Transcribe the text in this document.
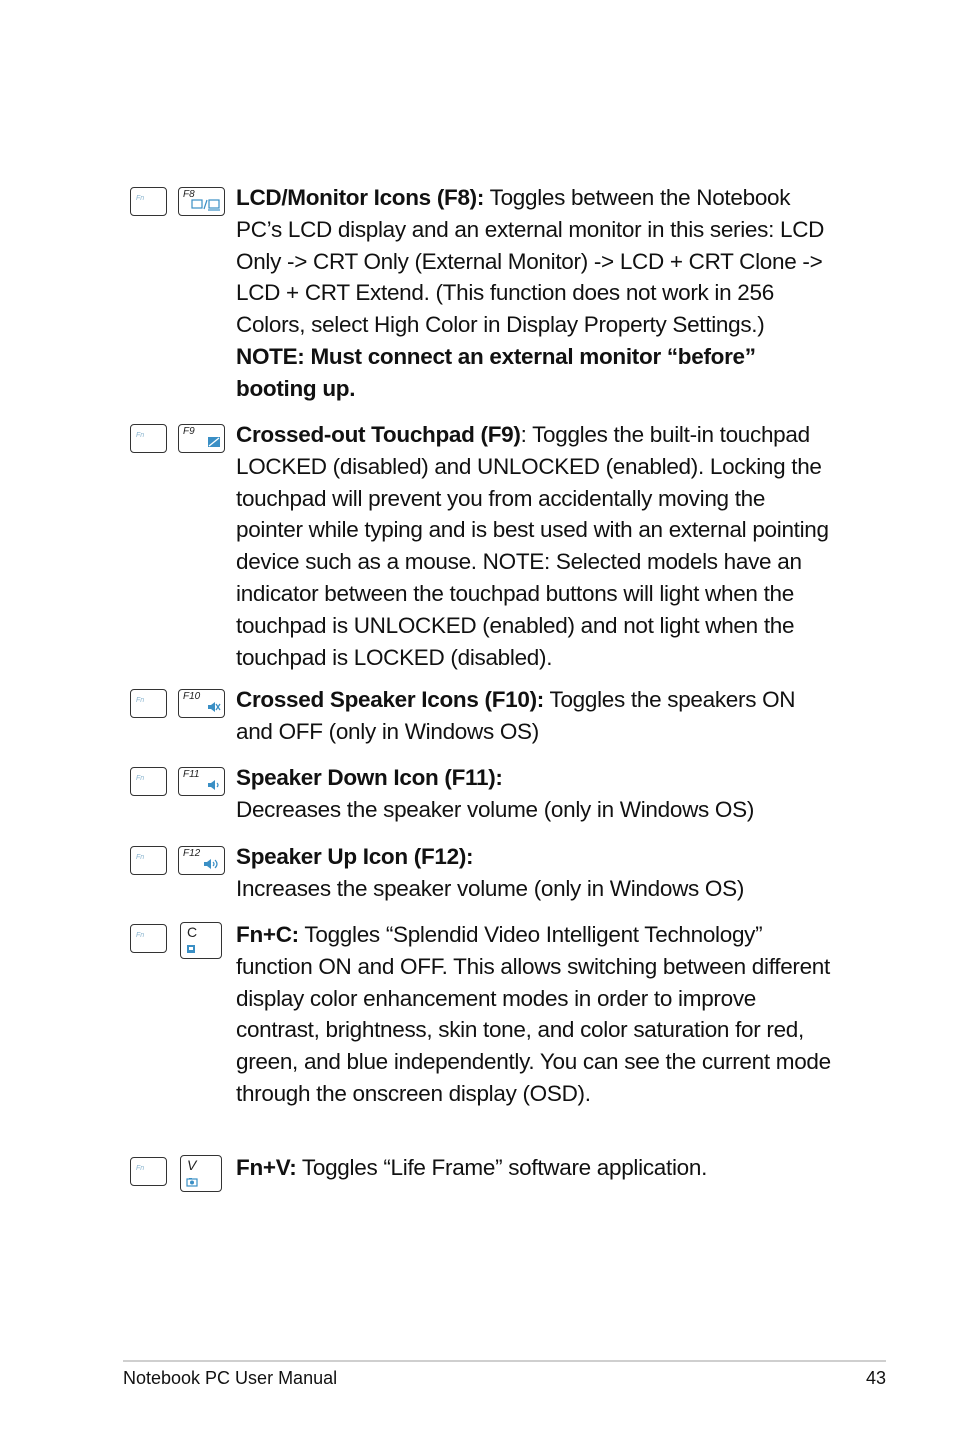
Fn	F8 LCD/Monitor Icons (F8): Toggles between the Notebook PC’s LCD display and an external monitor in this series: LCD Only -> CRT Only (External Monitor) -> LCD + CRT Clone -> LCD + CRT Extend. (This function does not work in 256 Colors, select High Color in Display Property Settings.) NOTE: Must connect an external monitor “before” booting up.
Fn	F9 Crossed-out Touchpad (F9): Toggles the built-in touchpad LOCKED (disabled) and UNLOCKED (enabled). Locking the touchpad will prevent you from accidentally moving the pointer while typing and is best used with an external pointing device such as a mouse. NOTE: Selected models have an indicator between the touchpad buttons will light when the touchpad is UNLOCKED (enabled) and not light when the touchpad is LOCKED (disabled).
Fn	F10 Crossed Speaker Icons (F10): Toggles the speakers ON and OFF (only in Windows OS)
Fn	F11 Speaker Down Icon (F11):
Decreases the speaker volume (only in Windows OS)
Fn	F12 Speaker Up Icon (F12):
Increases the speaker volume (only in Windows OS)
Fn	C Fn+C: Toggles “Splendid Video Intelligent Technology” function ON and OFF. This allows switching between different display color enhancement modes in order to improve contrast, brightness, skin tone, and color saturation for red, green, and blue independently. You can see the current mode through the onscreen display (OSD).
Fn	V Fn+V: Toggles “Life Frame” software application.
Notebook PC User Manual	43
